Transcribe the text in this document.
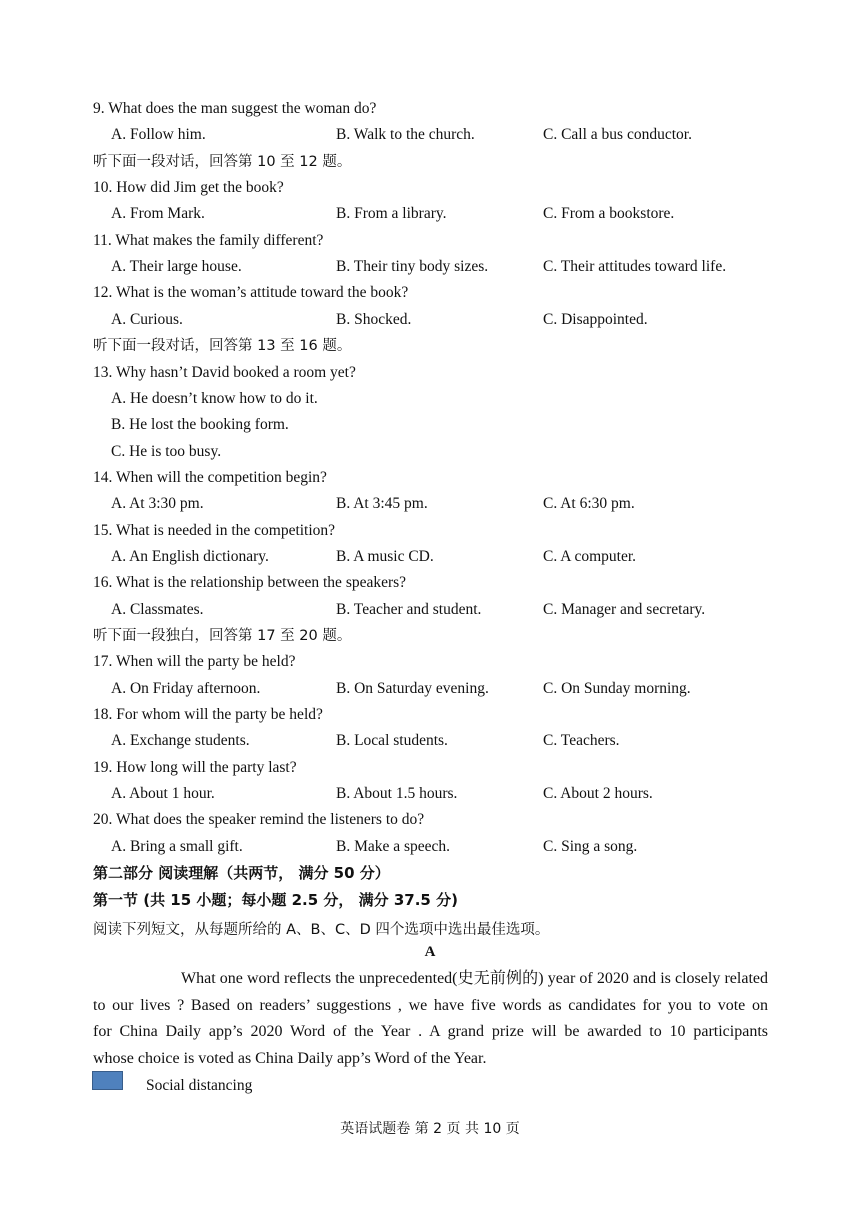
9. What does the man suggest the woman do?
A. Follow him.	B. Walk to the church.	C. Call a bus conductor.
听下面一段对话，回答第 10 至 12 题。
10. How did Jim get the book?
A. From Mark.	B. From a library.	C. From a bookstore.
11. What makes the family different?
A. Their large house.	B. Their tiny body sizes.	C. Their attitudes toward life.
12. What is the woman’s attitude toward the book?
A. Curious.	B. Shocked.	C. Disappointed.
听下面一段对话，回答第 13 至 16 题。
13. Why hasn’t David booked a room yet?
A. He doesn’t know how to do it.
B. He lost the booking form.
C. He is too busy.
14. When will the competition begin?
A. At 3:30 pm.	B. At 3:45 pm.	C. At 6:30 pm.
15. What is needed in the competition?
A. An English dictionary.	B. A music CD.	C. A computer.
16. What is the relationship between the speakers?
A. Classmates.	B. Teacher and student.	C. Manager and secretary.
听下面一段独白，回答第 17 至 20 题。
17. When will the party be held?
A. On Friday afternoon.	B. On Saturday evening.	C. On Sunday morning.
18. For whom will the party be held?
A. Exchange students.	B. Local students.	C. Teachers.
19. How long will the party last?
A. About 1 hour.	B. About 1.5 hours.	C. About 2 hours.
20. What does the speaker remind the listeners to do?
A. Bring a small gift.	B. Make a speech.	C. Sing a song.
第二部分 阅读理解（共两节， 满分 50 分）
第一节 (共 15 小题；每小题 2.5 分， 满分 37.5 分)
阅读下列短文，从每题所给的 A、B、C、D 四个选项中选出最佳选项。
A
What one word reflects the unprecedented(史无前例的) year of 2020 and is closely related
to our lives ? Based on readers’ suggestions , we have five words as candidates for you to vote on
for China Daily app’s 2020 Word of the Year . A grand prize will be awarded to 10 participants
whose choice is voted as China Daily app’s Word of the Year.
Social distancing
英语试题卷 第 2 页 共 10 页
